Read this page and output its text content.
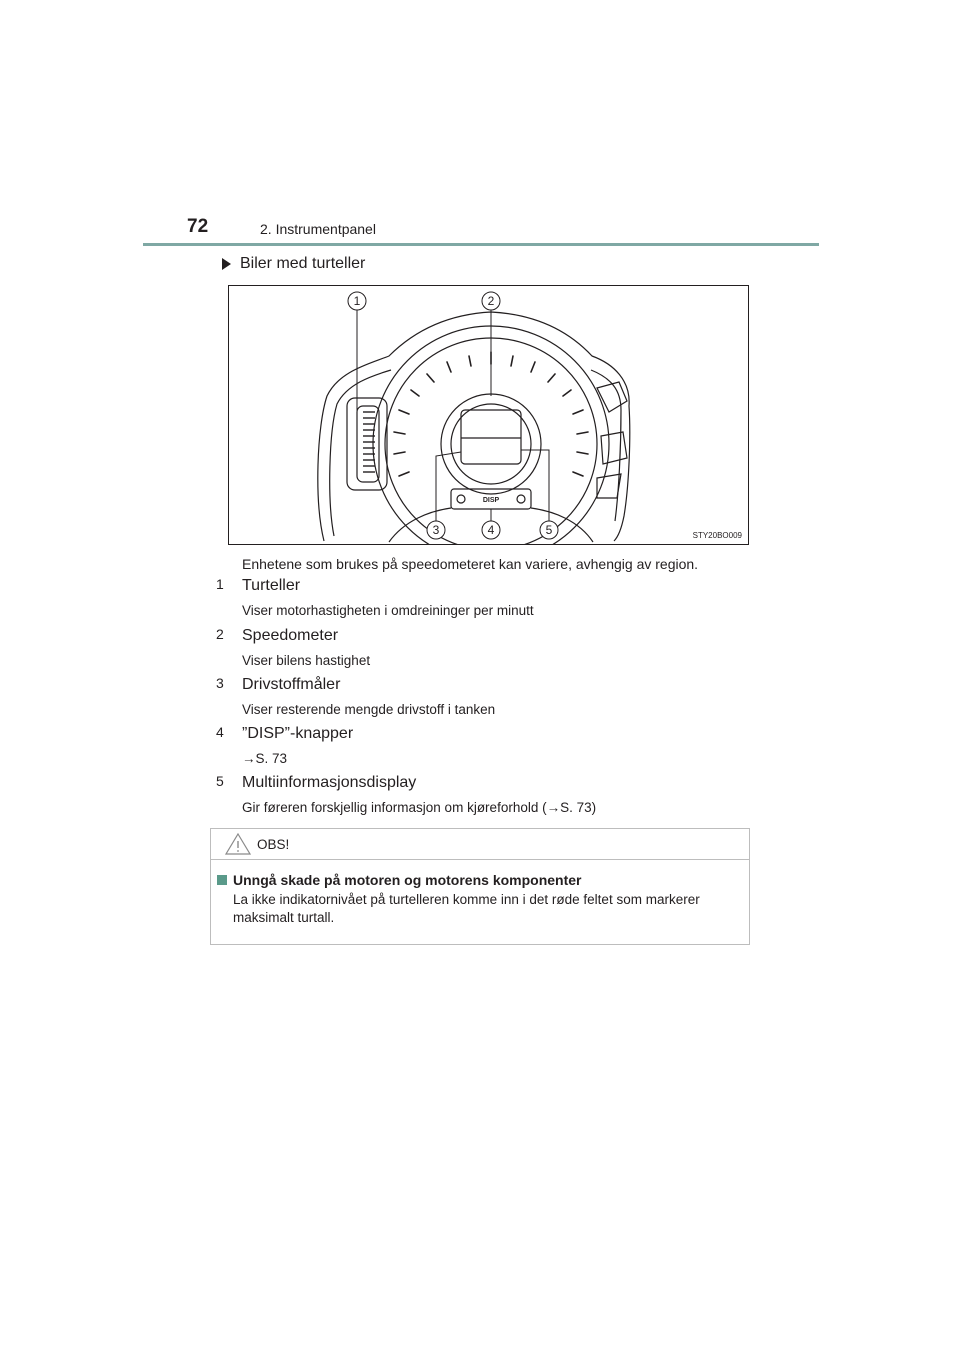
72	2. Instrumentpanel
Biler med turteller
1	2
3	4	5
DISP
STY20BO009
Enhetene som brukes på speedometeret kan variere, avhengig av region.
1	Turteller
Viser motorhastigheten i omdreininger per minutt
2	Speedometer
Viser bilens hastighet
3	Drivstoffmåler
Viser resterende mengde drivstoff i tanken
4	”DISP”-knapper
→S. 73
5	Multiinformasjonsdisplay
Gir føreren forskjellig informasjon om kjøreforhold (→S. 73)
OBS!
Unngå skade på motoren og motorens komponenter
La ikke indikatornivået på turtelleren komme inn i det røde feltet som markerer maksimalt turtall.
